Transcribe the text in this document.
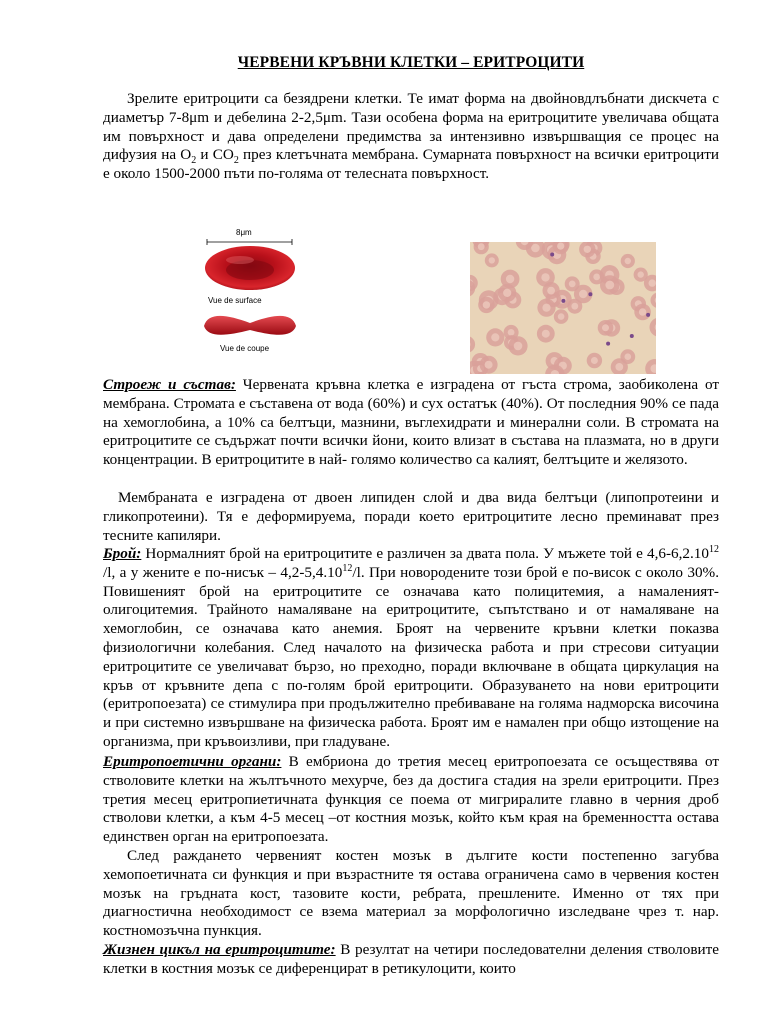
ЧЕРВЕНИ КРЪВНИ КЛЕТКИ – ЕРИТРОЦИТИ

Зрелите еритроцити са безядрени клетки. Те имат форма на двойновдлъбнати дискчета с диаметър 7-8μm и дебелина 2-2,5μm. Тази особена форма на еритроцитите увеличава общата им повърхност и дава определени предимства за интензивно извършващия се процес на дифузия на $O_2$ и $CO_2$ през клетъчната мембрана. Сумарната повърхност на всички еритроцити е около 1500-2000 пъти по-голяма от телесната повърхност.

8μm
Vue de surface
Vue de coupe

Строеж и състав: Червената кръвна клетка е изградена от гъста строма, заобиколена от мембрана. Стромата е съставена от вода (60%) и сух остатък (40%). От последния 90% се пада на хемоглобина, а 10% са белтъци, мазнини, въглехидрати и минерални соли. В стромата на еритроцитите се съдържат почти всички йони, които влизат в състава на плазмата, но в други концентрации. В еритроцитите в най- голямо количество са калият, белтъците и желязото.

Мембраната е изградена от двоен липиден слой и два вида белтъци (липопротеини и гликопротеини). Тя е деформируема, поради което еритроцитите лесно преминават през тесните капиляри.

Брой: Нормалният брой на еритроцитите е различен за двата пола. У мъжете той е 4,6-6,2.10$^{12}$ /l, а у жените е по-нисък – 4,2-5,4.10$^{12}$/l. При новородените този брой е по-висок с около 30%. Повишеният брой на еритроцитите се означава като полицитемия, а намаленият- олигоцитемия. Трайното намаляване на еритроцитите, съпътствано и от намаляване на хемоглобин, се означава като анемия. Броят на червените кръвни клетки показва физиологични колебания. След началото на физическа работа и при стресови ситуации еритроцитите се увеличават бързо, но преходно, поради включване в общата циркулация на кръв от кръвните депа с по-голям брой еритроцити. Образуването на нови еритроцити (еритропоезата) се стимулира при продължително пребиваване на голяма надморска височина и при системно извършване на физическа работа. Броят им е намален при общо изтощение на организма, при кръвоизливи, при гладуване.

Еритропоетични органи: В ембриона до третия месец еритропоезата се осъществява от стволовите клетки на жълтъчното мехурче, без да достига стадия на зрели еритроцити. През третия месец еритропиетичната функция се поема от мигриралите главно в черния дроб стволови клетки, а към 4-5 месец –от костния мозък, който към края на бременността остава единствен орган на еритропоезата.

След раждането червеният костен мозък в дългите кости постепенно загубва хемопоетичната си функция и при възрастните тя остава ограничена само в червения костен мозък на гръдната кост, тазовите кости, ребрата, прешлените. Именно от тях при диагностична необходимост се взема материал за морфологично изследване чрез т. нар. костномозъчна пункция.

Жизнен цикъл на еритроцитите: В резултат на четири последователни деления стволовите клетки в костния мозък се диференцират в ретикулоцити, които
